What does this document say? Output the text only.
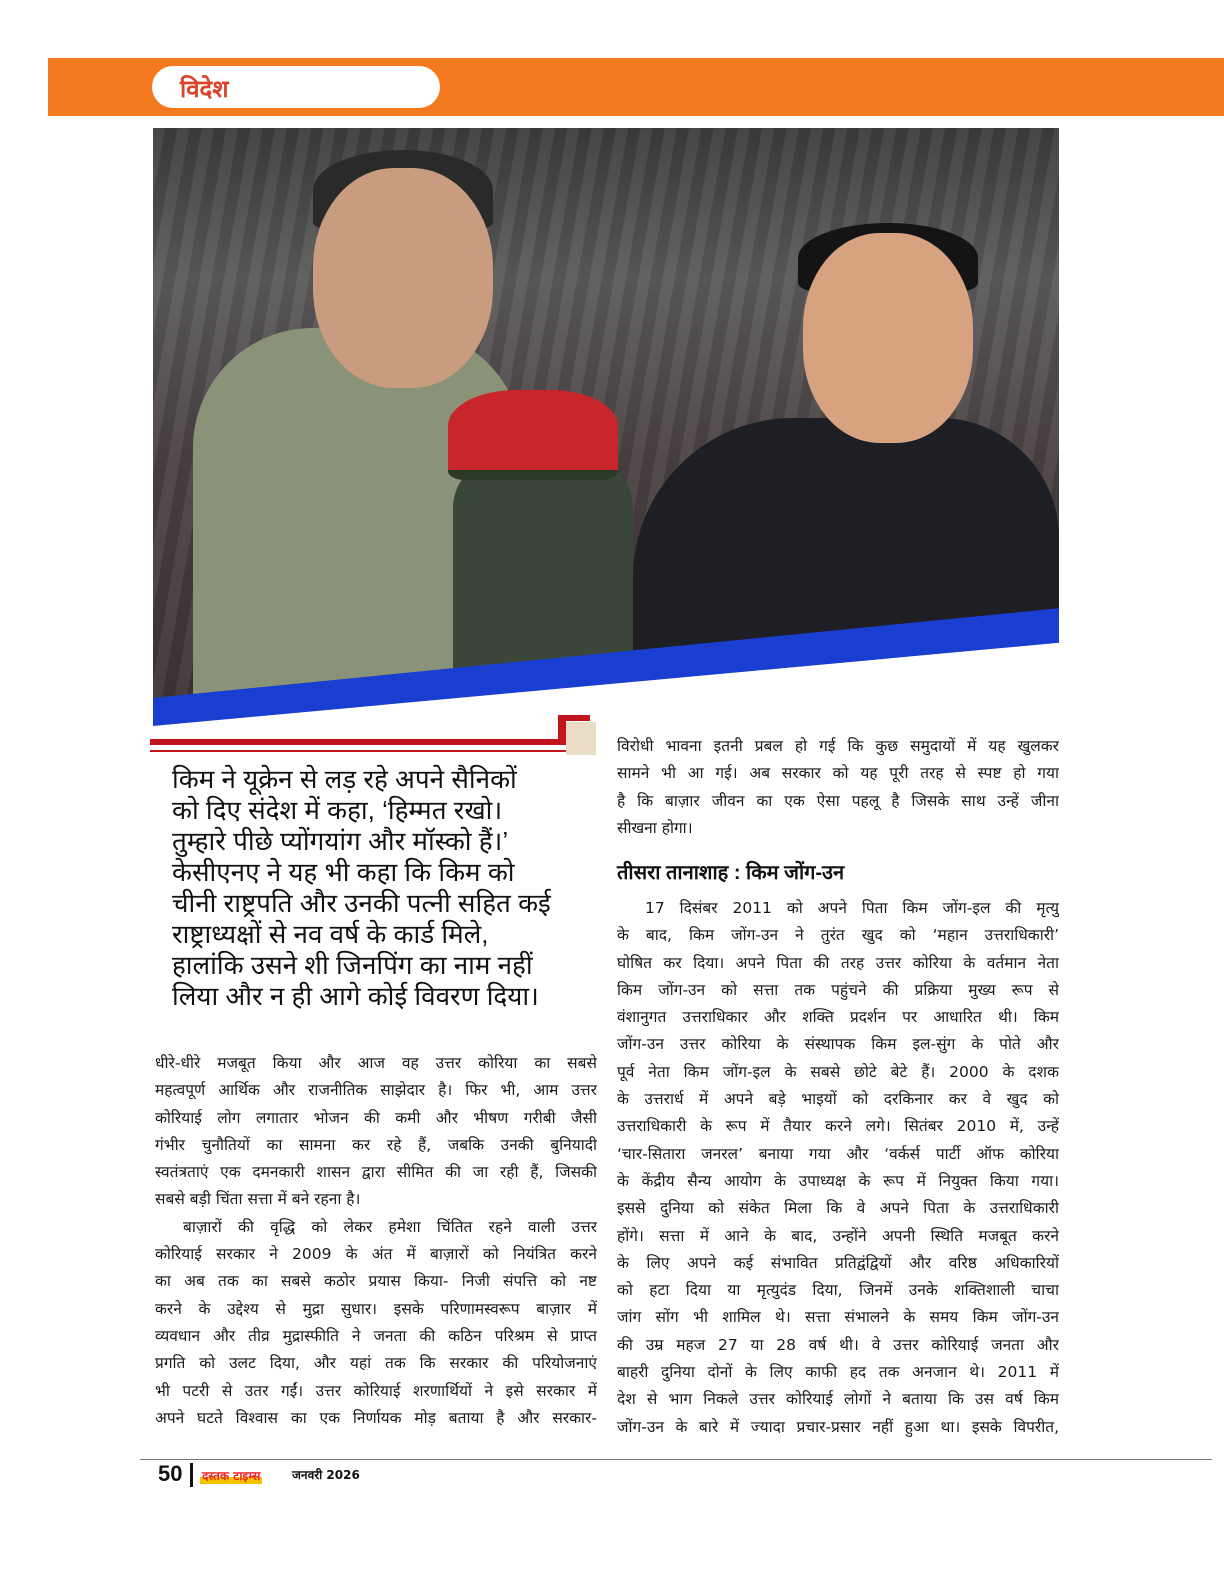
विदेश
किम ने यूक्रेन से लड़ रहे अपने सैनिकों
को दिए संदेश में कहा, ‘हिम्मत रखो।
तुम्हारे पीछे प्योंगयांग और मॉस्को हैं।’
केसीएनए ने यह भी कहा कि किम को
चीनी राष्ट्रपति और उनकी पत्नी सहित कई
राष्ट्राध्यक्षों से नव वर्ष के कार्ड मिले,
हालांकि उसने शी जिनपिंग का नाम नहीं
लिया और न ही आगे कोई विवरण दिया।
धीरे-धीरे मजबूत किया और आज वह उत्तर कोरिया का सबसे
महत्वपूर्ण आर्थिक और राजनीतिक साझेदार है। फिर भी, आम उत्तर
कोरियाई लोग लगातार भोजन की कमी और भीषण गरीबी जैसी
गंभीर चुनौतियों का सामना कर रहे हैं, जबकि उनकी बुनियादी
स्वतंत्रताएं एक दमनकारी शासन द्वारा सीमित की जा रही हैं, जिसकी
सबसे बड़ी चिंता सत्ता में बने रहना है।
बाज़ारों की वृद्धि को लेकर हमेशा चिंतित रहने वाली उत्तर
कोरियाई सरकार ने 2009 के अंत में बाज़ारों को नियंत्रित करने
का अब तक का सबसे कठोर प्रयास किया- निजी संपत्ति को नष्ट
करने के उद्देश्य से मुद्रा सुधार। इसके परिणामस्वरूप बाज़ार में
व्यवधान और तीव्र मुद्रास्फीति ने जनता की कठिन परिश्रम से प्राप्त
प्रगति को उलट दिया, और यहां तक कि सरकार की परियोजनाएं
भी पटरी से उतर गईं। उत्तर कोरियाई शरणार्थियों ने इसे सरकार में
अपने घटते विश्वास का एक निर्णायक मोड़ बताया है और सरकार-
विरोधी भावना इतनी प्रबल हो गई कि कुछ समुदायों में यह खुलकर
सामने भी आ गई। अब सरकार को यह पूरी तरह से स्पष्ट हो गया
है कि बाज़ार जीवन का एक ऐसा पहलू है जिसके साथ उन्हें जीना
सीखना होगा।
तीसरा तानाशाह : किम जोंग-उन
17 दिसंबर 2011 को अपने पिता किम जोंग-इल की मृत्यु
के बाद, किम जोंग-उन ने तुरंत खुद को ‘महान उत्तराधिकारी’
घोषित कर दिया। अपने पिता की तरह उत्तर कोरिया के वर्तमान नेता
किम जोंग-उन को सत्ता तक पहुंचने की प्रक्रिया मुख्य रूप से
वंशानुगत उत्तराधिकार और शक्ति प्रदर्शन पर आधारित थी। किम
जोंग-उन उत्तर कोरिया के संस्थापक किम इल-सुंग के पोते और
पूर्व नेता किम जोंग-इल के सबसे छोटे बेटे हैं। 2000 के दशक
के उत्तरार्ध में अपने बड़े भाइयों को दरकिनार कर वे खुद को
उत्तराधिकारी के रूप में तैयार करने लगे। सितंबर 2010 में, उन्हें
‘चार-सितारा जनरल’ बनाया गया और ‘वर्कर्स पार्टी ऑफ कोरिया
के केंद्रीय सैन्य आयोग के उपाध्यक्ष के रूप में नियुक्त किया गया।
इससे दुनिया को संकेत मिला कि वे अपने पिता के उत्तराधिकारी
होंगे। सत्ता में आने के बाद, उन्होंने अपनी स्थिति मजबूत करने
के लिए अपने कई संभावित प्रतिद्वंद्वियों और वरिष्ठ अधिकारियों
को हटा दिया या मृत्युदंड दिया, जिनमें उनके शक्तिशाली चाचा
जांग सोंग भी शामिल थे। सत्ता संभालने के समय किम जोंग-उन
की उम्र महज 27 या 28 वर्ष थी। वे उत्तर कोरियाई जनता और
बाहरी दुनिया दोनों के लिए काफी हद तक अनजान थे। 2011 में
देश से भाग निकले उत्तर कोरियाई लोगों ने बताया कि उस वर्ष किम
जोंग-उन के बारे में ज्यादा प्रचार-प्रसार नहीं हुआ था। इसके विपरीत,
50 दस्तक टाइम्स	जनवरी 2026
